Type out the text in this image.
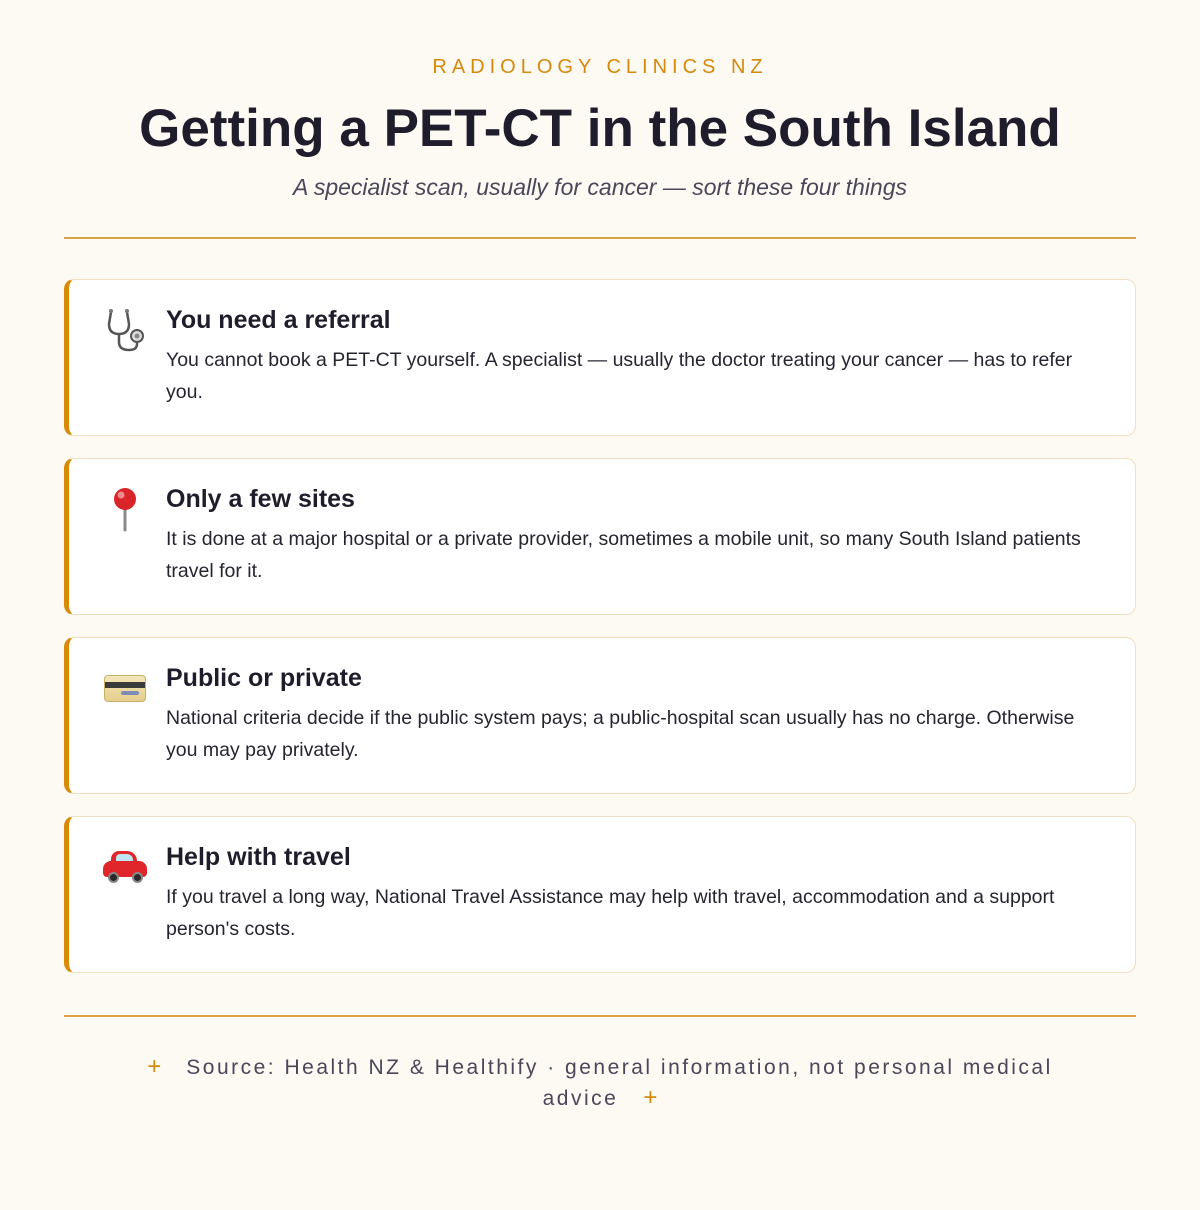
RADIOLOGY CLINICS NZ
Getting a PET-CT in the South Island
A specialist scan, usually for cancer — sort these four things
You need a referral
You cannot book a PET-CT yourself. A specialist — usually the doctor treating your cancer — has to refer you.
Only a few sites
It is done at a major hospital or a private provider, sometimes a mobile unit, so many South Island patients travel for it.
Public or private
National criteria decide if the public system pays; a public-hospital scan usually has no charge. Otherwise you may pay privately.
Help with travel
If you travel a long way, National Travel Assistance may help with travel, accommodation and a support person's costs.
+ Source: Health NZ & Healthify · general information, not personal medical advice +
